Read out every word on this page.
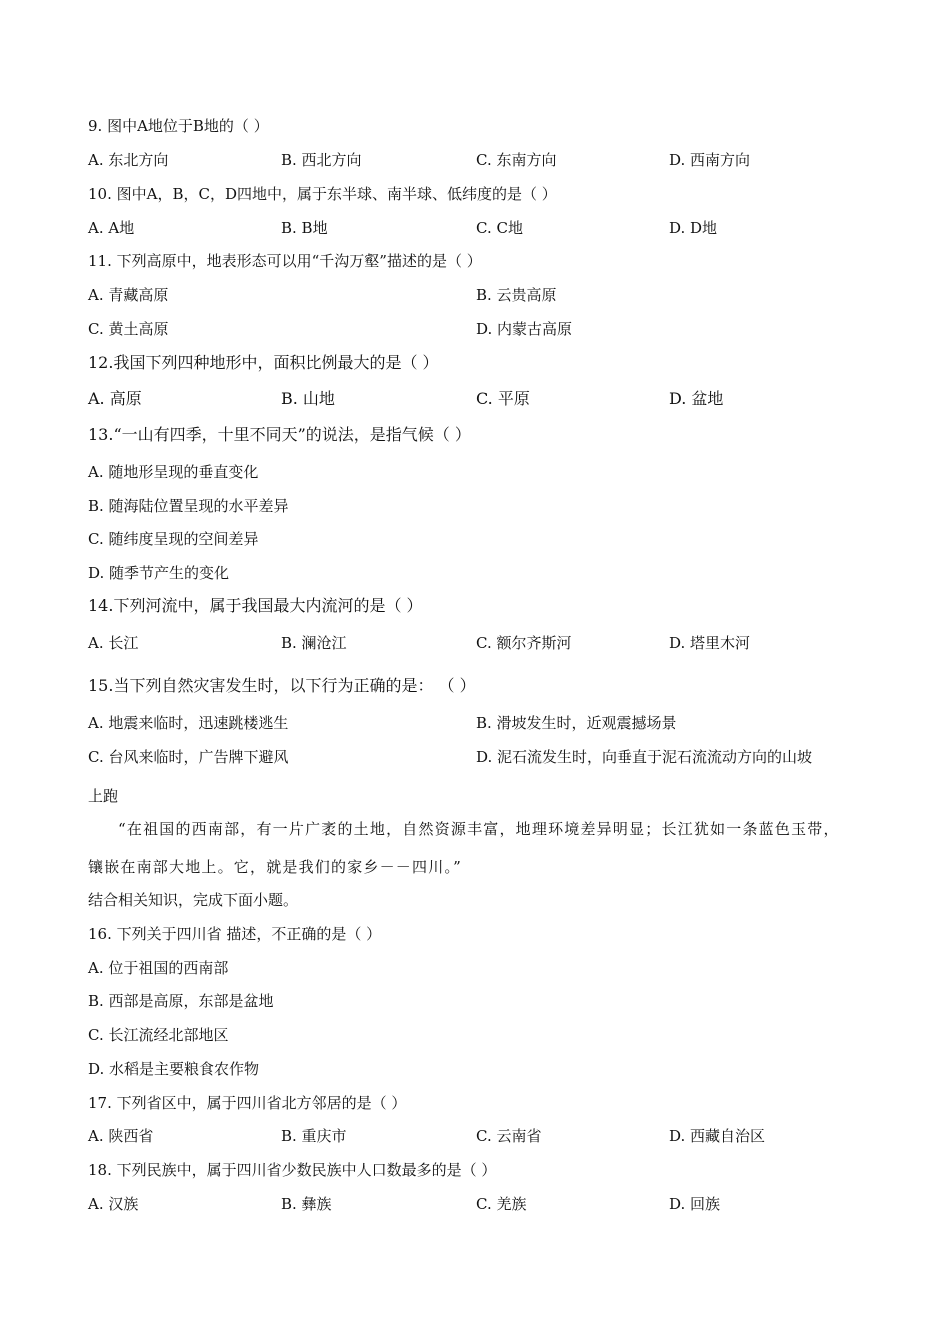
9. 图中A地位于B地的（ ）
A. 东北方向	B. 西北方向	C. 东南方向	D. 西南方向
10. 图中A，B，C，D四地中，属于东半球、南半球、低纬度的是（ ）
A. A地	B. B地	C. C地	D. D地
11. 下列高原中，地表形态可以用“千沟万壑”描述的是（ ）
A. 青藏高原	B. 云贵高原
C. 黄土高原	D. 内蒙古高原
12.我国下列四种地形中，面积比例最大的是（ ）
A. 高原	B. 山地	C. 平原	D. 盆地
13.“一山有四季，十里不同天”的说法，是指气候（ ）
A. 随地形呈现的垂直变化
B. 随海陆位置呈现的水平差异
C. 随纬度呈现的空间差异
D. 随季节产生的变化
14.下列河流中，属于我国最大内流河的是（ ）
A. 长江	B. 澜沧江	C. 额尔齐斯河	D. 塔里木河
15.当下列自然灾害发生时，以下行为正确的是： （ ）
A. 地震来临时，迅速跳楼逃生	B. 滑坡发生时，近观震撼场景
C. 台风来临时，广告牌下避风	D. 泥石流发生时，向垂直于泥石流流动方向的山坡
上跑
“在祖国的西南部，有一片广袤的土地，自然资源丰富，地理环境差异明显；长江犹如一条蓝色玉带，
镶嵌在南部大地上。它，就是我们的家乡－－四川。”
结合相关知识，完成下面小题。
16. 下列关于四川省 描述，不正确的是（ ）
A. 位于祖国的西南部
B. 西部是高原，东部是盆地
C. 长江流经北部地区
D. 水稻是主要粮食农作物
17. 下列省区中，属于四川省北方邻居的是（ ）
A. 陕西省	B. 重庆市	C. 云南省	D. 西藏自治区
18. 下列民族中，属于四川省少数民族中人口数最多的是（ ）
A. 汉族	B. 彝族	C. 羌族	D. 回族
